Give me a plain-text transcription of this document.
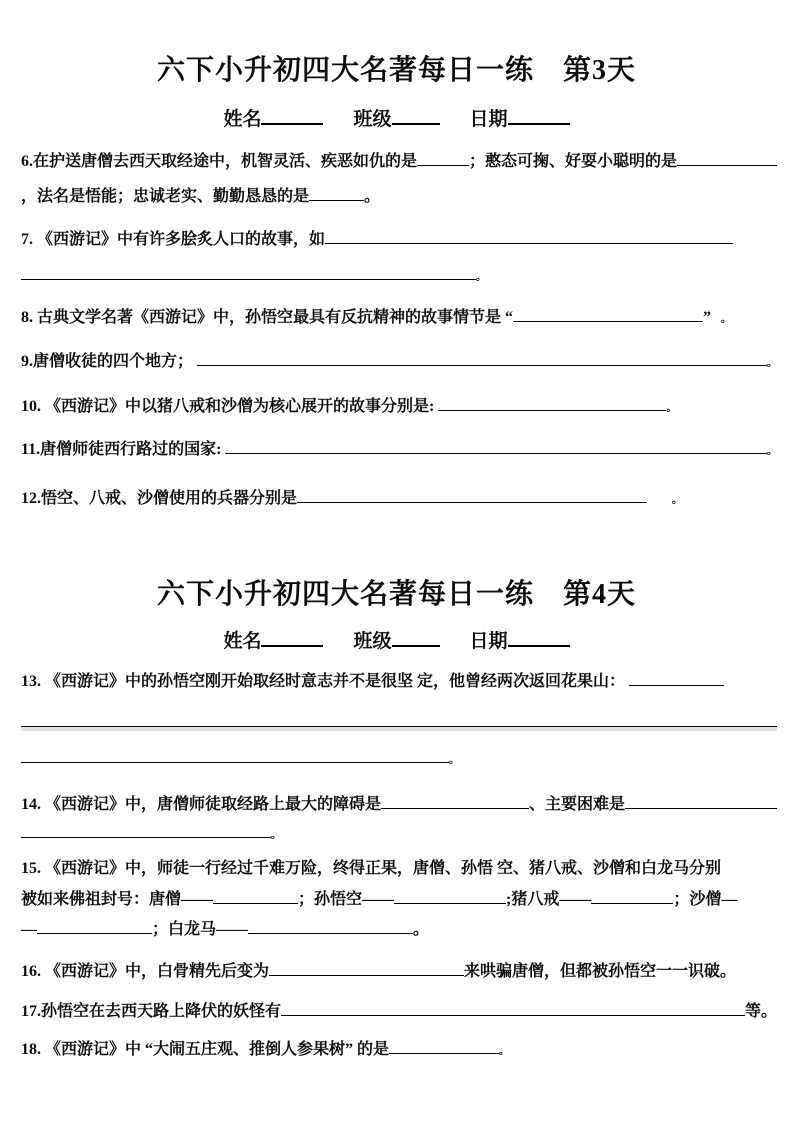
六下小升初四大名著每日一练　第3天
姓名	班级	日期
6.在护送唐僧去西天取经途中，机智灵活、疾恶如仇的是	；憨态可掬、好耍小聪明的是
，法名是悟能；忠诚老实、勤勤恳恳的是	。
7. 《西游记》中有许多脍炙人口的故事，如
。
8. 古典文学名著《西游记》中，孙悟空最具有反抗精神的故事情节是 “	” 。
9.唐僧收徒的四个地方；	。
10. 《西游记》中以猪八戒和沙僧为核心展开的故事分别是:	。
11.唐僧师徒西行路过的国家:	。
12.悟空、八戒、沙僧使用的兵器分别是	。
六下小升初四大名著每日一练　第4天
姓名	班级	日期
13. 《西游记》中的孙悟空刚开始取经时意志并不是很坚 定，他曾经两次返回花果山：
。
14. 《西游记》中，唐僧师徒取经路上最大的障碍是	、主要困难是
。
15. 《西游记》中，师徒一行经过千难万险，终得正果，唐僧、孙悟 空、猪八戒、沙僧和白龙马分别
被如来佛祖封号：唐僧——	；孙悟空——	;猪八戒——	；沙僧—
—	；白龙马——	。
16. 《西游记》中，白骨精先后变为	来哄骗唐僧，但都被孙悟空一一识破。
17.孙悟空在去西天路上降伏的妖怪有	等。
18. 《西游记》中 “大闹五庄观、推倒人参果树” 的是	。
